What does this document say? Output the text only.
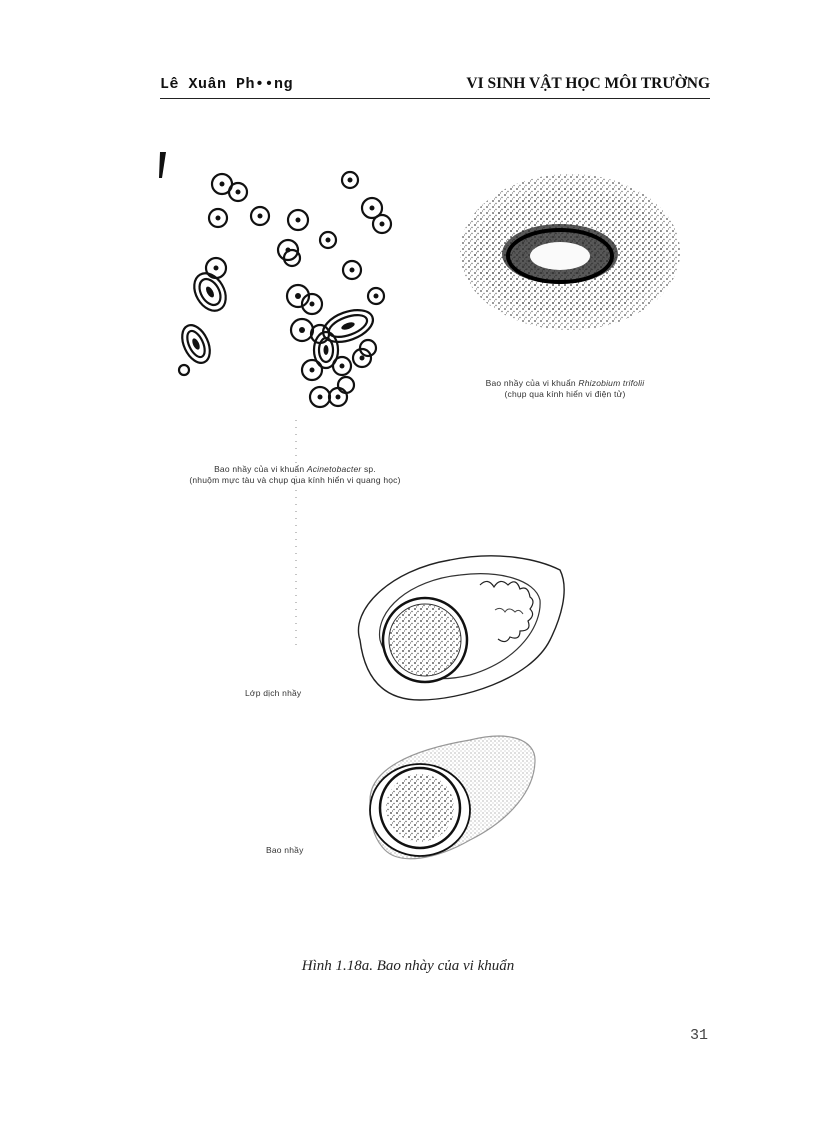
Lê Xuân Ph••ng	VI SINH VẬT HỌC MÔI TRƯỜNG
Bao nhầy của vi khuẩn Rhizobium trifolii
(chụp qua kính hiển vi điện tử)
Bao nhầy của vi khuẩn Acinetobacter sp.
(nhuộm mực tàu và chụp qua kính hiển vi quang học)
Lớp dịch nhầy
Bao nhầy
Hình 1.18a. Bao nhày của vi khuẩn
31
